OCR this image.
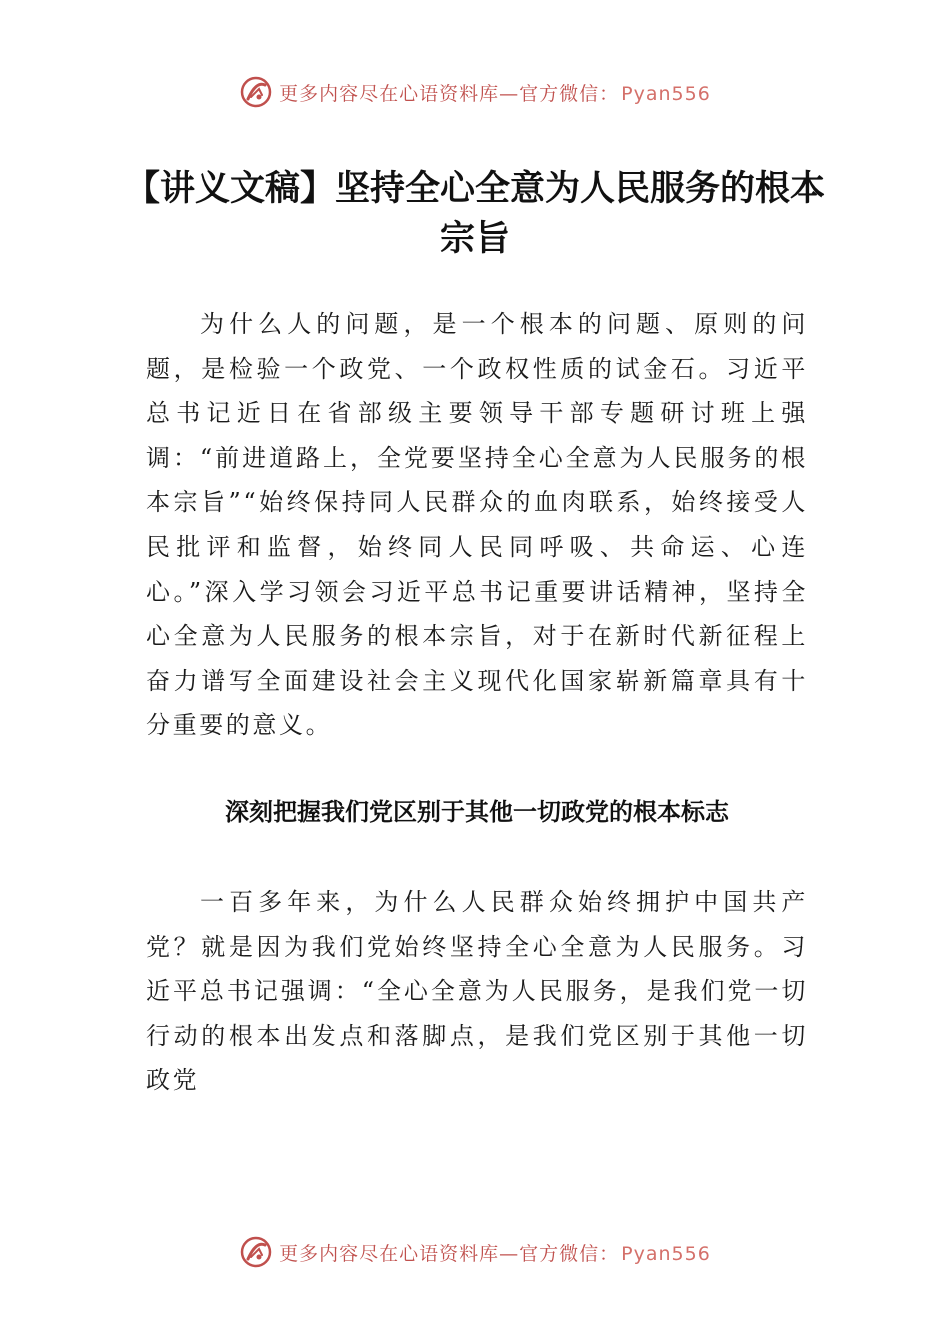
更多内容尽在心语资料库—官方微信： Pyan556
【讲义文稿】坚持全心全意为人民服务的根本宗旨

为什么人的问题，是一个根本的问题、原则的问题，是检验一个政党、一个政权性质的试金石。习近平总书记近日在省部级主要领导干部专题研讨班上强调：“前进道路上，全党要坚持全心全意为人民服务的根本宗旨”“始终保持同人民群众的血肉联系，始终接受人民批评和监督，始终同人民同呼吸、共命运、心连心。”深入学习领会习近平总书记重要讲话精神，坚持全心全意为人民服务的根本宗旨，对于在新时代新征程上奋力谱写全面建设社会主义现代化国家崭新篇章具有十分重要的意义。

深刻把握我们党区别于其他一切政党的根本标志

一百多年来，为什么人民群众始终拥护中国共产党？就是因为我们党始终坚持全心全意为人民服务。习近平总书记强调：“全心全意为人民服务，是我们党一切行动的根本出发点和落脚点，是我们党区别于其他一切政党

更多内容尽在心语资料库—官方微信： Pyan556
